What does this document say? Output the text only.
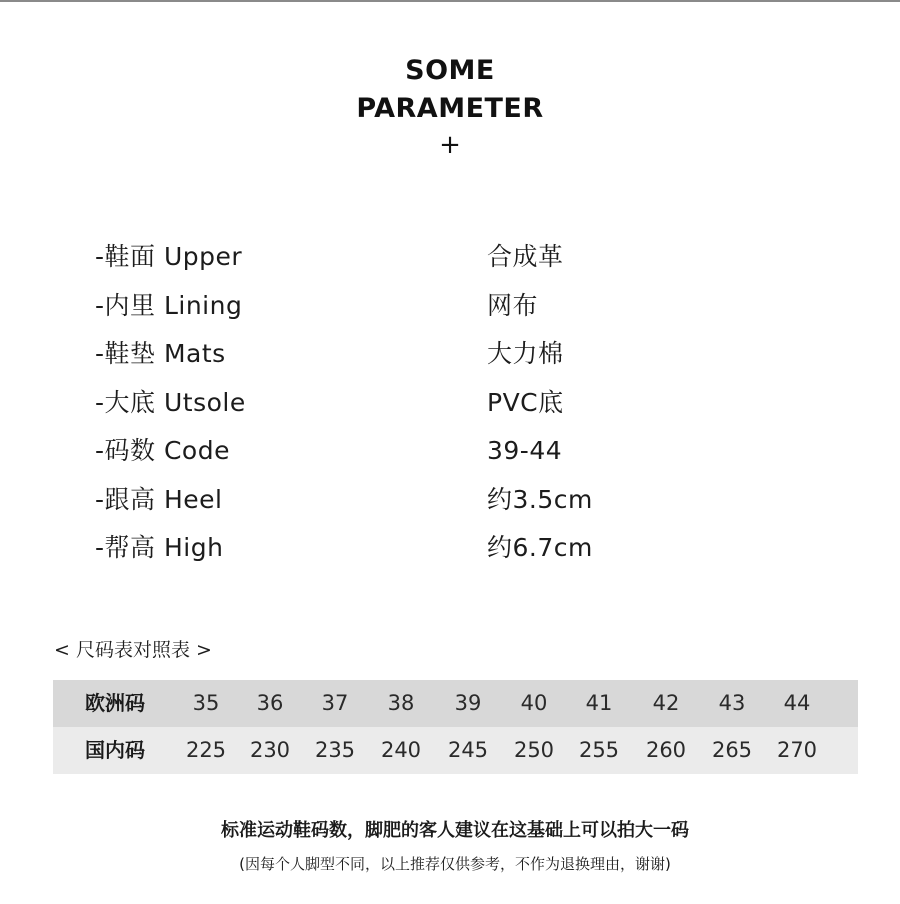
SOME
PARAMETER
+
-鞋面 Upper	合成革
-内里 Lining	网布
-鞋垫 Mats	大力棉
-大底 Utsole	PVC底
-码数 Code	39-44
-跟高 Heel	约3.5cm
-帮高 High	约6.7cm
< 尺码表对照表 >
欧洲码	35	36	37	38	39	40	41	42	43	44
国内码	225	230	235	240	245	250	255	260	265	270
标准运动鞋码数，脚肥的客人建议在这基础上可以拍大一码
(因每个人脚型不同，以上推荐仅供参考，不作为退换理由，谢谢)
